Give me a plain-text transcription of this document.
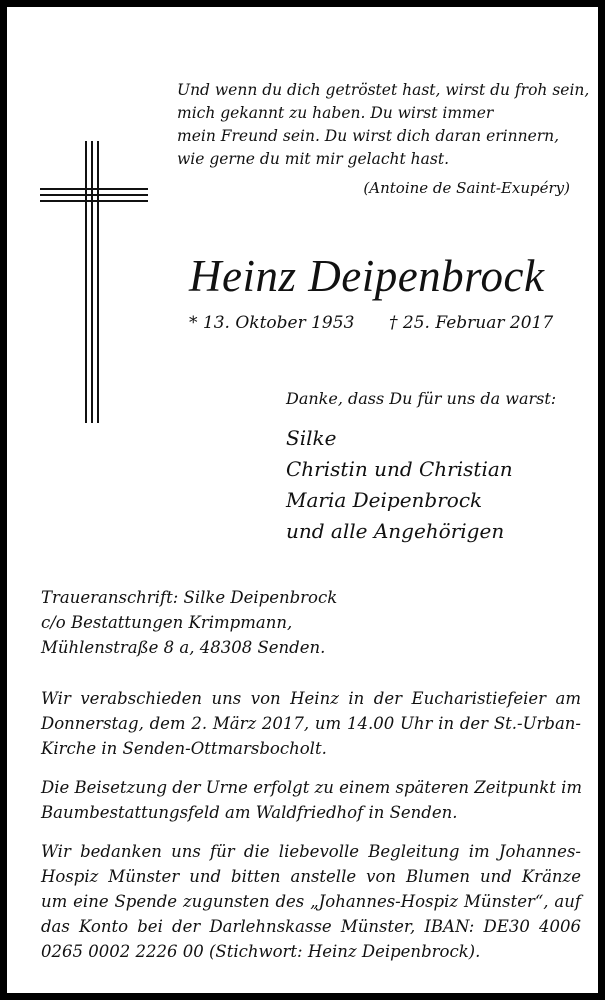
Und wenn du dich getröstet hast, wirst du froh sein,
mich gekannt zu haben. Du wirst immer
mein Freund sein. Du wirst dich daran erinnern,
wie gerne du mit mir gelacht hast.
(Antoine de Saint-Exupéry)
Heinz Deipenbrock
* 13. Oktober 1953 † 25. Februar 2017
Danke, dass Du für uns da warst:
Silke
Christin und Christian
Maria Deipenbrock
und alle Angehörigen
Traueranschrift: Silke Deipenbrock
c/o Bestattungen Krimpmann,
Mühlenstraße 8 a, 48308 Senden.
Wir verabschieden uns von Heinz in der Eucharistiefeier am
Donnerstag, dem 2. März 2017, um 14.00 Uhr in der St.-Urban-
Kirche in Senden-Ottmarsbocholt.
Die Beisetzung der Urne erfolgt zu einem späteren Zeitpunkt im
Baumbestattungsfeld am Waldfriedhof in Senden.
Wir bedanken uns für die liebevolle Begleitung im Johannes-
Hospiz Münster und bitten anstelle von Blumen und Kränze
um eine Spende zugunsten des „Johannes-Hospiz Münster“, auf
das Konto bei der Darlehnskasse Münster, IBAN: DE30 4006
0265 0002 2226 00 (Stichwort: Heinz Deipenbrock).
